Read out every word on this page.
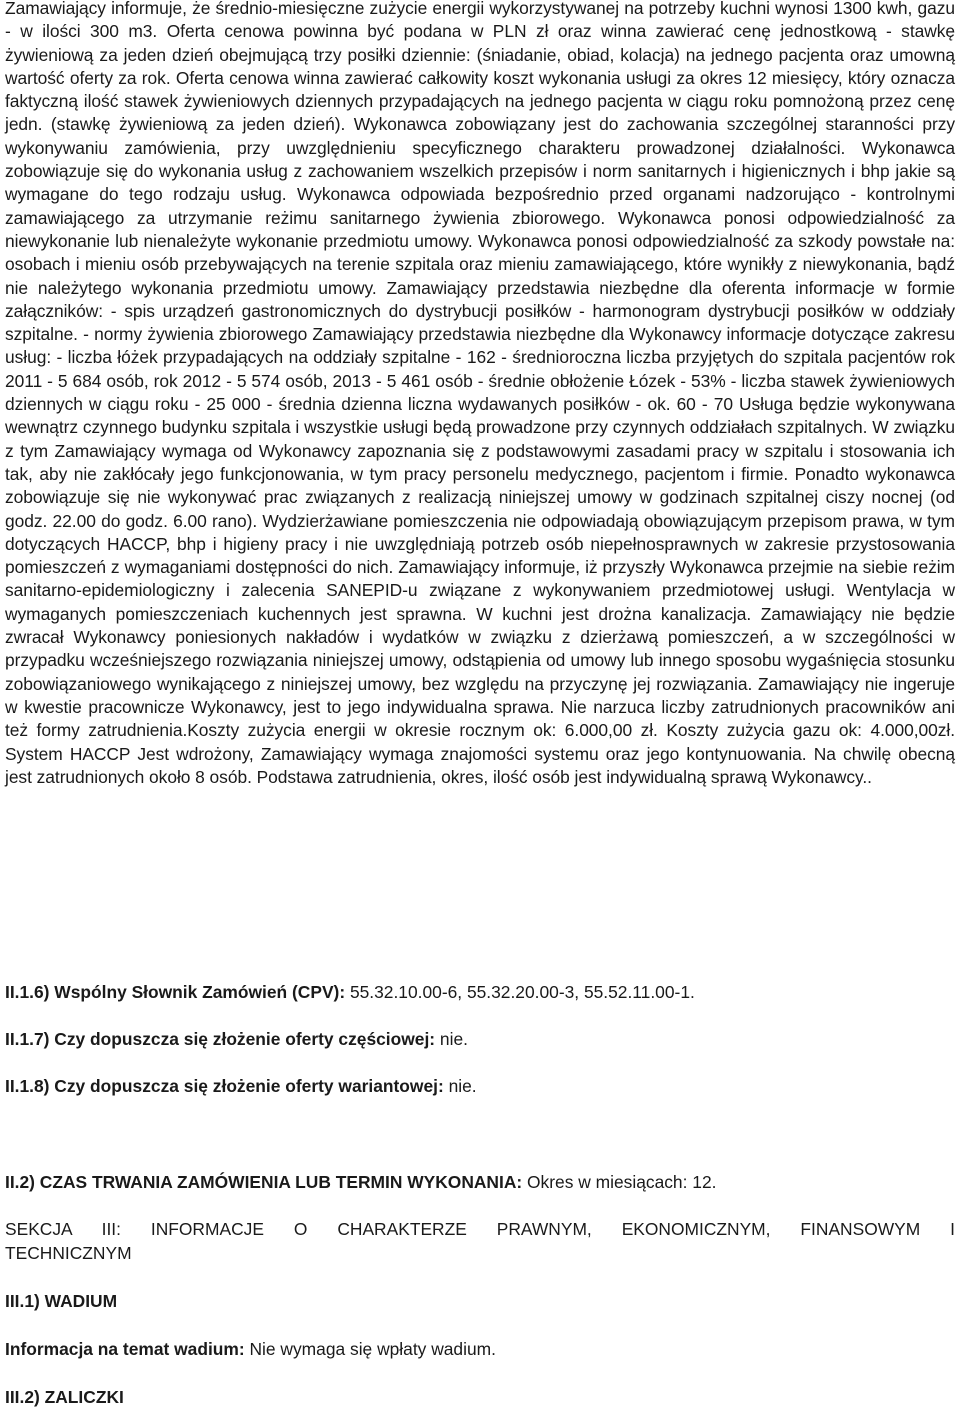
Zamawiający informuje, że średnio-miesięczne zużycie energii wykorzystywanej na potrzeby kuchni wynosi 1300 kwh, gazu - w ilości 300 m3. Oferta cenowa powinna być podana w PLN zł oraz winna zawierać cenę jednostkową - stawkę żywieniową za jeden dzień obejmującą trzy posiłki dziennie: (śniadanie, obiad, kolacja) na jednego pacjenta oraz umowną wartość oferty za rok. Oferta cenowa winna zawierać całkowity koszt wykonania usługi za okres 12 miesięcy, który oznacza faktyczną ilość stawek żywieniowych dziennych przypadających na jednego pacjenta w ciągu roku pomnożoną przez cenę jedn. (stawkę żywieniową za jeden dzień). Wykonawca zobowiązany jest do zachowania szczególnej staranności przy wykonywaniu zamówienia, przy uwzględnieniu specyficznego charakteru prowadzonej działalności. Wykonawca zobowiązuje się do wykonania usług z zachowaniem wszelkich przepisów i norm sanitarnych i higienicznych i bhp jakie są wymagane do tego rodzaju usług. Wykonawca odpowiada bezpośrednio przed organami nadzorująco - kontrolnymi zamawiającego za utrzymanie reżimu sanitarnego żywienia zbiorowego. Wykonawca ponosi odpowiedzialność za niewykonanie lub nienależyte wykonanie przedmiotu umowy. Wykonawca ponosi odpowiedzialność za szkody powstałe na: osobach i mieniu osób przebywających na terenie szpitala oraz mieniu zamawiającego, które wynikły z niewykonania, bądź nie należytego wykonania przedmiotu umowy. Zamawiający przedstawia niezbędne dla oferenta informacje w formie załączników: - spis urządzeń gastronomicznych do dystrybucji posiłków - harmonogram dystrybucji posiłków w oddziały szpitalne. - normy żywienia zbiorowego Zamawiający przedstawia niezbędne dla Wykonawcy informacje dotyczące zakresu usług: - liczba łóżek przypadających na oddziały szpitalne - 162 - średnioroczna liczba przyjętych do szpitala pacjentów rok 2011 - 5 684 osób, rok 2012 - 5 574 osób, 2013 - 5 461 osób - średnie obłożenie Łózek - 53% - liczba stawek żywieniowych dziennych w ciągu roku - 25 000 - średnia dzienna liczna wydawanych posiłków - ok. 60 - 70 Usługa będzie wykonywana wewnątrz czynnego budynku szpitala i wszystkie usługi będą prowadzone przy czynnych oddziałach szpitalnych. W związku z tym Zamawiający wymaga od Wykonawcy zapoznania się z podstawowymi zasadami pracy w szpitalu i stosowania ich tak, aby nie zakłócały jego funkcjonowania, w tym pracy personelu medycznego, pacjentom i firmie. Ponadto wykonawca zobowiązuje się nie wykonywać prac związanych z realizacją niniejszej umowy w godzinach szpitalnej ciszy nocnej (od godz. 22.00 do godz. 6.00 rano). Wydzierżawiane pomieszczenia nie odpowiadają obowiązującym przepisom prawa, w tym dotyczących HACCP, bhp i higieny pracy i nie uwzględniają potrzeb osób niepełnosprawnych w zakresie przystosowania pomieszczeń z wymaganiami dostępności do nich. Zamawiający informuje, iż przyszły Wykonawca przejmie na siebie reżim sanitarno-epidemiologiczny i zalecenia SANEPID-u związane z wykonywaniem przedmiotowej usługi. Wentylacja w wymaganych pomieszczeniach kuchennych jest sprawna. W kuchni jest drożna kanalizacja. Zamawiający nie będzie zwracał Wykonawcy poniesionych nakładów i wydatków w związku z dzierżawą pomieszczeń, a w szczególności w przypadku wcześniejszego rozwiązania niniejszej umowy, odstąpienia od umowy lub innego sposobu wygaśnięcia stosunku zobowiązaniowego wynikającego z niniejszej umowy, bez względu na przyczynę jej rozwiązania. Zamawiający nie ingeruje w kwestie pracownicze Wykonawcy, jest to jego indywidualna sprawa. Nie narzuca liczby zatrudnionych pracowników ani też formy zatrudnienia.Koszty zużycia energii w okresie rocznym ok: 6.000,00 zł. Koszty zużycia gazu ok: 4.000,00zł. System HACCP Jest wdrożony, Zamawiający wymaga znajomości systemu oraz jego kontynuowania. Na chwilę obecną jest zatrudnionych około 8 osób. Podstawa zatrudnienia, okres, ilość osób jest indywidualną sprawą Wykonawcy..

II.1.6) Wspólny Słownik Zamówień (CPV): 55.32.10.00-6, 55.32.20.00-3, 55.52.11.00-1.

II.1.7) Czy dopuszcza się złożenie oferty częściowej: nie.

II.1.8) Czy dopuszcza się złożenie oferty wariantowej: nie.

II.2) CZAS TRWANIA ZAMÓWIENIA LUB TERMIN WYKONANIA: Okres w miesiącach: 12.

SEKCJA III: INFORMACJE O CHARAKTERZE PRAWNYM, EKONOMICZNYM, FINANSOWYM I

TECHNICZNYM

III.1) WADIUM

Informacja na temat wadium: Nie wymaga się wpłaty wadium.

III.2) ZALICZKI
